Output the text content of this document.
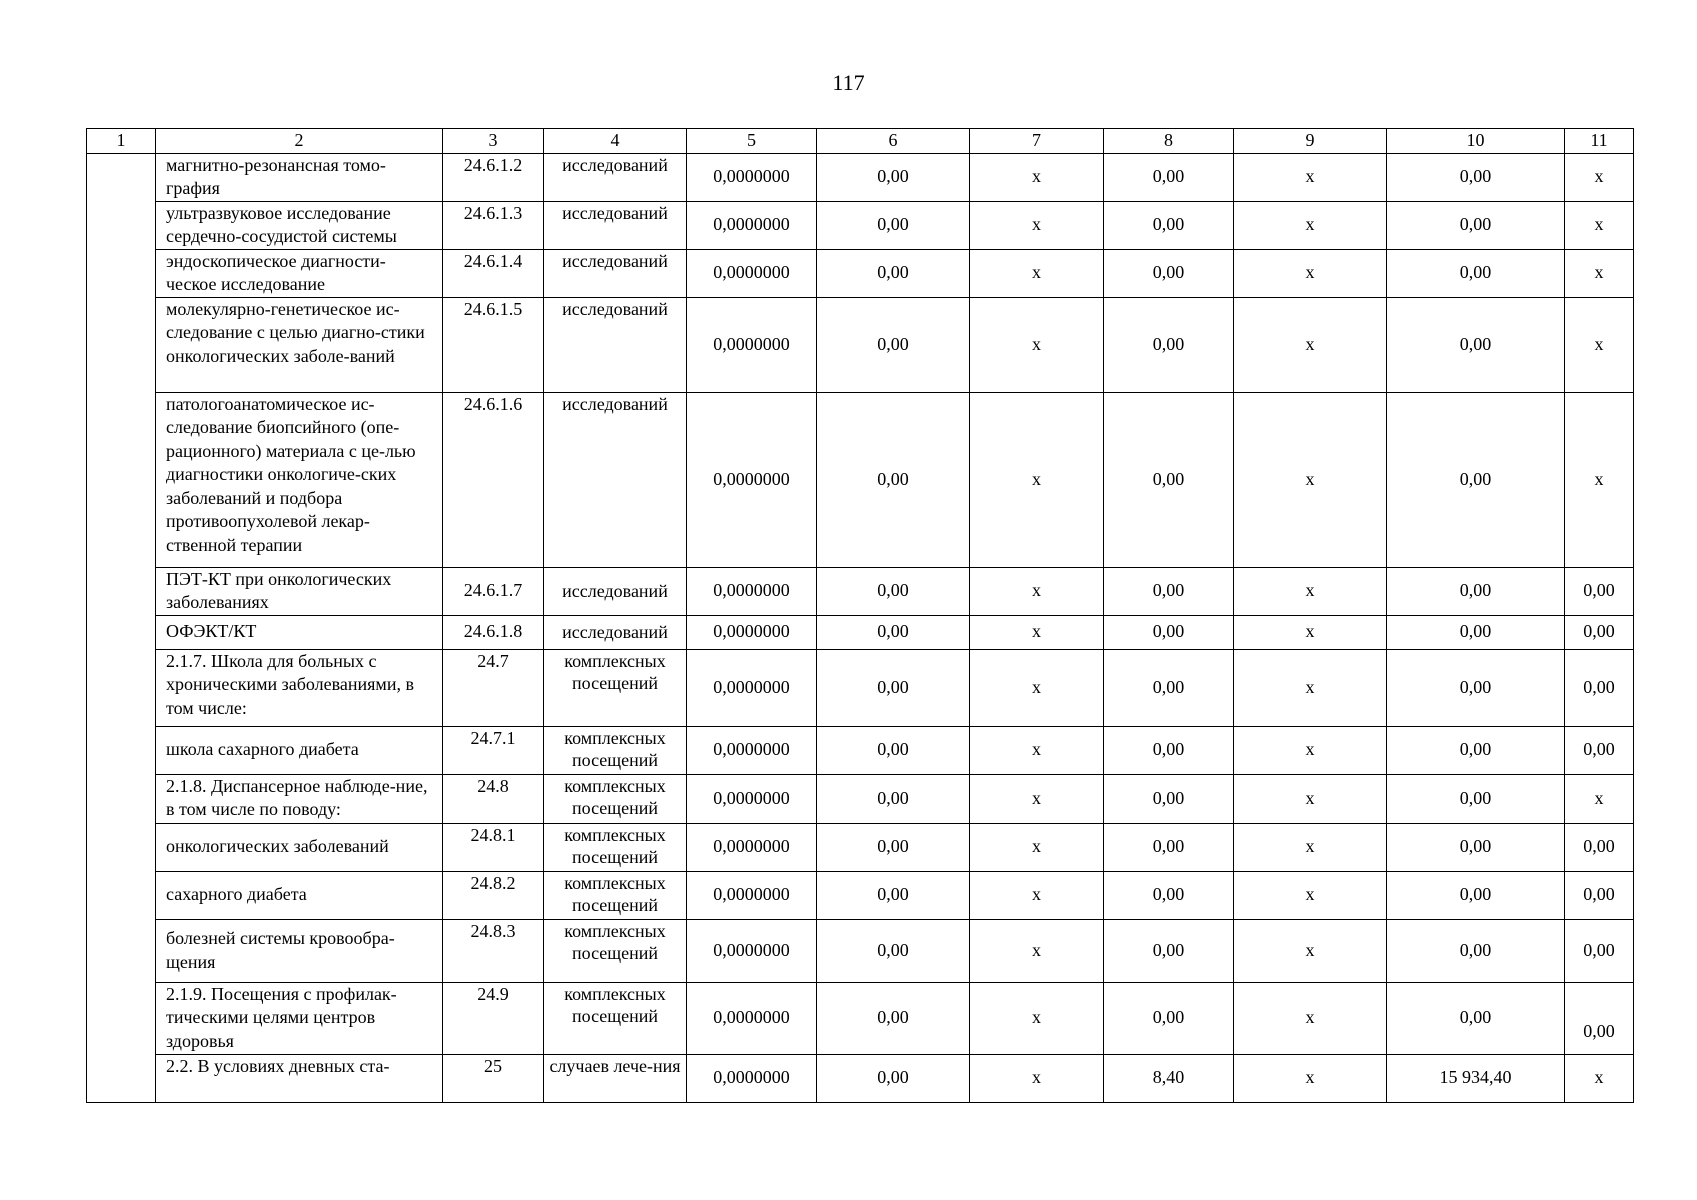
117
1	2	3	4	5	6	7	8	9	10	11
	магнитно-резонансная томо-графия	24.6.1.2	исследований	0,0000000	0,00	х	0,00	х	0,00	х
	ультразвуковое исследование сердечно-сосудистой системы	24.6.1.3	исследований	0,0000000	0,00	х	0,00	х	0,00	х
	эндоскопическое диагности-ческое исследование	24.6.1.4	исследований	0,0000000	0,00	х	0,00	х	0,00	х
	молекулярно-генетическое ис-следование с целью диагно-стики онкологических заболе-ваний	24.6.1.5	исследований	0,0000000	0,00	х	0,00	х	0,00	х
	патологоанатомическое ис-следование биопсийного (опе-рационного) материала с це-лью диагностики онкологиче-ских заболеваний и подбора противоопухолевой лекар-ственной терапии	24.6.1.6	исследований	0,0000000	0,00	х	0,00	х	0,00	х
	ПЭТ-КТ при онкологических заболеваниях	24.6.1.7	исследований	0,0000000	0,00	х	0,00	х	0,00	0,00
	ОФЭКТ/КТ	24.6.1.8	исследований	0,0000000	0,00	х	0,00	х	0,00	0,00
	2.1.7. Школа для больных с хроническими заболеваниями, в том числе:	24.7	комплексных посещений	0,0000000	0,00	х	0,00	х	0,00	0,00
	школа сахарного диабета	24.7.1	комплексных посещений	0,0000000	0,00	х	0,00	х	0,00	0,00
	2.1.8. Диспансерное наблюде-ние, в том числе по поводу:	24.8	комплексных посещений	0,0000000	0,00	х	0,00	х	0,00	х
	онкологических заболеваний	24.8.1	комплексных посещений	0,0000000	0,00	х	0,00	х	0,00	0,00
	сахарного диабета	24.8.2	комплексных посещений	0,0000000	0,00	х	0,00	х	0,00	0,00
	болезней системы кровообра-щения	24.8.3	комплексных посещений	0,0000000	0,00	х	0,00	х	0,00	0,00
	2.1.9. Посещения с профилак-тическими целями центров здоровья	24.9	комплексных посещений	0,0000000	0,00	х	0,00	х	0,00	0,00
	2.2. В условиях дневных ста-	25	случаев лече-ния	0,0000000	0,00	х	8,40	х	15 934,40	х
